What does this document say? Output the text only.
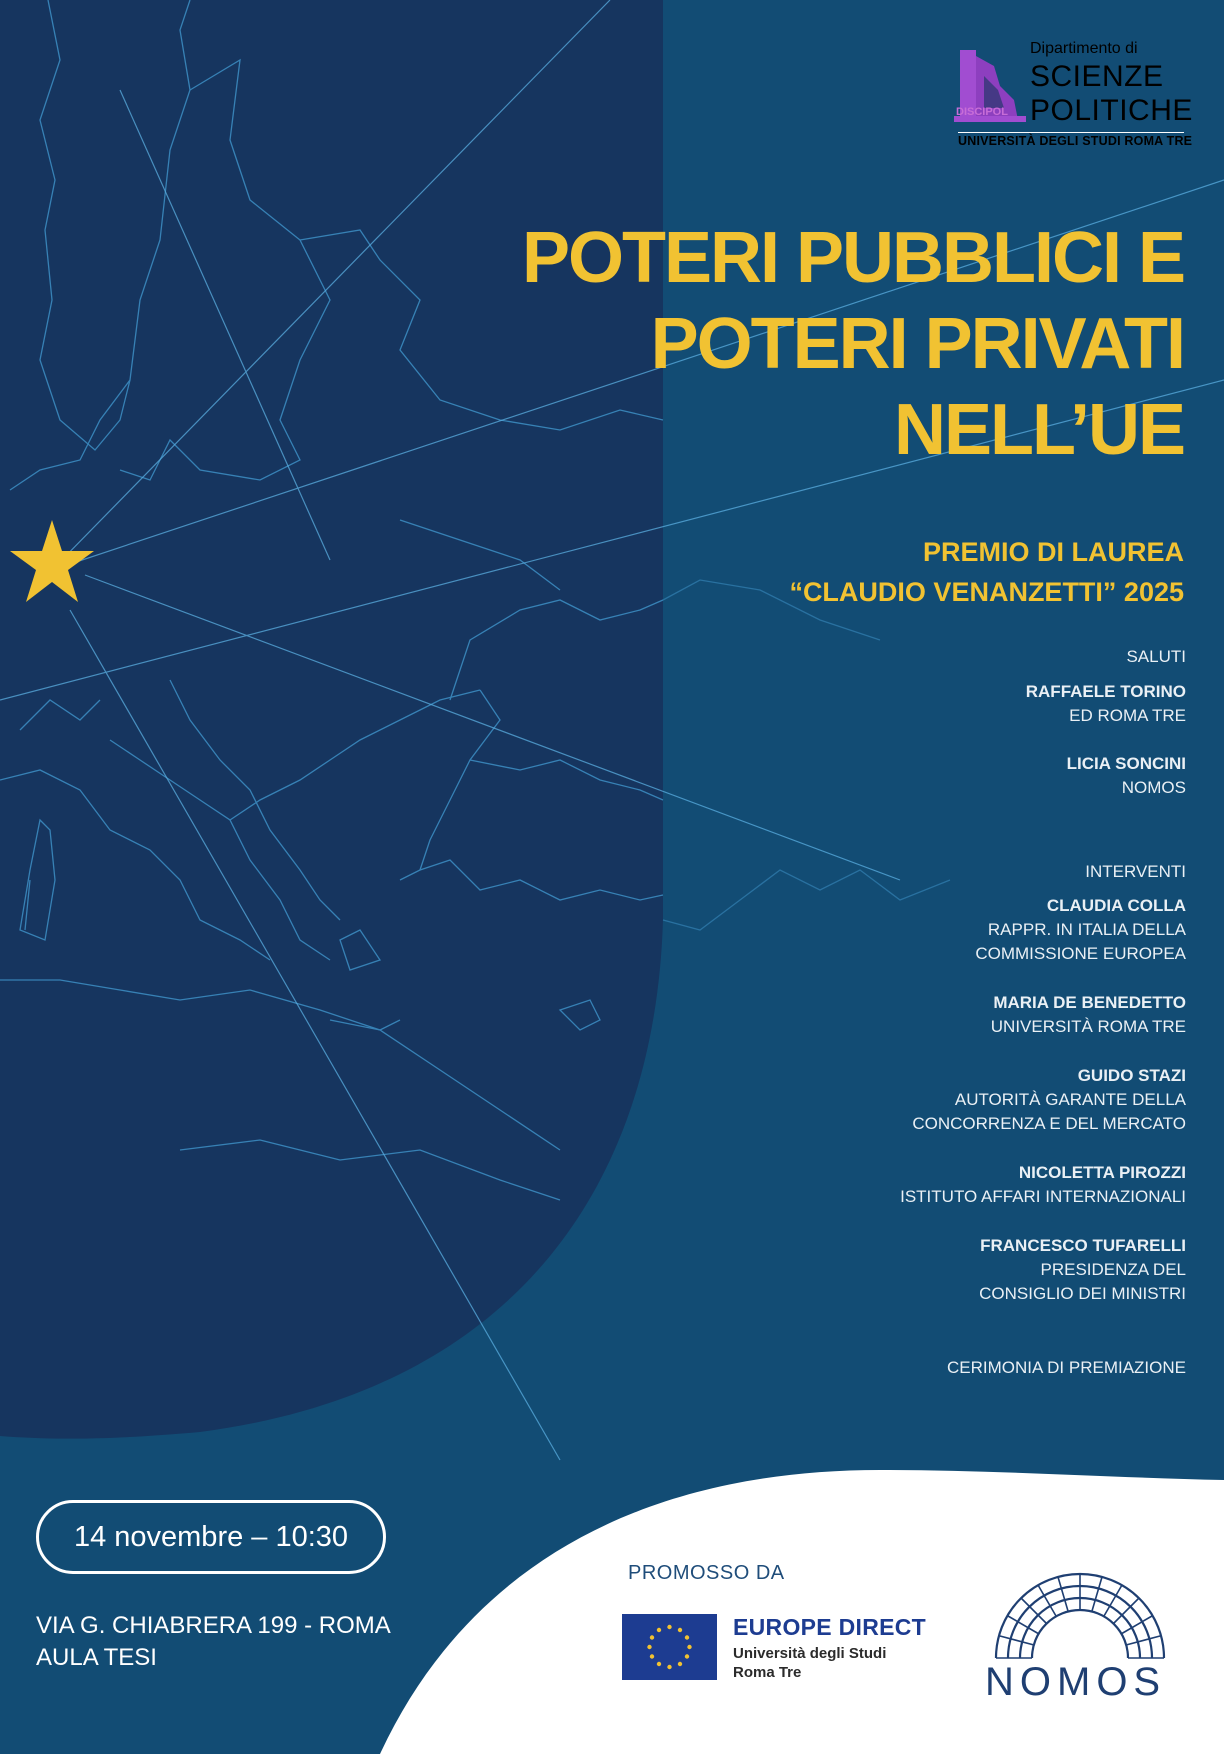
DISCIPOL
Dipartimento di
SCIENZE
POLITICHE
UNIVERSITÀ DEGLI STUDI ROMA TRE
POTERI PUBBLICI E
POTERI PRIVATI
NELL’UE
PREMIO DI LAUREA
“CLAUDIO VENANZETTI” 2025
SALUTI
RAFFAELE TORINO
ED ROMA TRE
LICIA SONCINI
NOMOS
INTERVENTI
CLAUDIA COLLA
RAPPR. IN ITALIA DELLA
COMMISSIONE EUROPEA
MARIA DE BENEDETTO
UNIVERSITÀ ROMA TRE
GUIDO STAZI
AUTORITÀ GARANTE DELLA
CONCORRENZA E DEL MERCATO
NICOLETTA PIROZZI
ISTITUTO AFFARI INTERNAZIONALI
FRANCESCO TUFARELLI
PRESIDENZA DEL
CONSIGLIO DEI MINISTRI
CERIMONIA DI PREMIAZIONE
14 novembre – 10:30
VIA G. CHIABRERA 199 - ROMA
AULA TESI
PROMOSSO DA
EUROPE DIRECT
Università degli Studi
Roma Tre	NOMOS
